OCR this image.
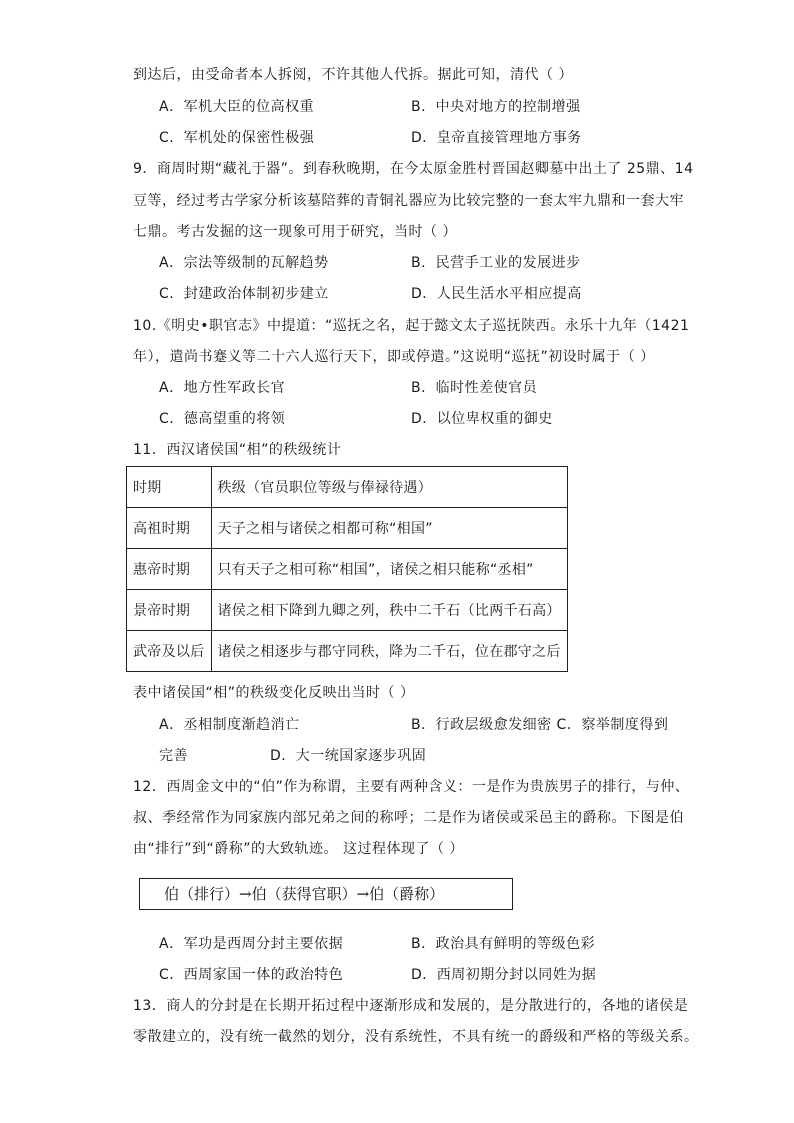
到达后，由受命者本人拆阅，不许其他人代拆。据此可知，清代（ ）
A．军机大臣的位高权重	B．中央对地方的控制增强
C．军机处的保密性极强	D．皇帝直接管理地方事务
9．商周时期“藏礼于器”。到春秋晚期，在今太原金胜村晋国赵卿墓中出土了 25鼎、14
豆等，经过考古学家分析该墓陪葬的青铜礼器应为比较完整的一套太牢九鼎和一套大牢
七鼎。考古发掘的这一现象可用于研究，当时（ ）
A．宗法等级制的瓦解趋势	B．民营手工业的发展进步
C．封建政治体制初步建立	D．人民生活水平相应提高
10.《明史•职官志》中提道：“巡抚之名，起于懿文太子巡抚陕西。永乐十九年（1421
年），遣尚书蹇义等二十六人巡行天下，即或停遣。”这说明“巡抚”初设时属于（ ）
A．地方性军政长官	B．临时性差使官员
C．德高望重的将领	D．以位卑权重的御史
11．西汉诸侯国“相”的秩级统计
时期	秩级（官员职位等级与俸禄待遇）
高祖时期	天子之相与诸侯之相都可称“相国”
惠帝时期	只有天子之相可称“相国”，诸侯之相只能称“丞相”
景帝时期	诸侯之相下降到九卿之列，秩中二千石（比两千石高）
武帝及以后	诸侯之相逐步与郡守同秩，降为二千石，位在郡守之后
表中诸侯国“相”的秩级变化反映出当时（ ）
A．丞相制度渐趋消亡	B．行政层级愈发细密 C．察举制度得到
完善	D．大一统国家逐步巩固
12．西周金文中的“伯”作为称谓，主要有两种含义：一是作为贵族男子的排行，与仲、
叔、季经常作为同家族内部兄弟之间的称呼；二是作为诸侯或采邑主的爵称。下图是伯
由“排行”到“爵称”的大致轨迹。 这过程体现了（ ）
伯（排行）→伯（获得官职）→伯（爵称）
A．军功是西周分封主要依据	B．政治具有鲜明的等级色彩
C．西周家国一体的政治特色	D．西周初期分封以同姓为据
13．商人的分封是在长期开拓过程中逐渐形成和发展的，是分散进行的，各地的诸侯是
零散建立的，没有统一截然的划分，没有系统性，不具有统一的爵级和严格的等级关系。
